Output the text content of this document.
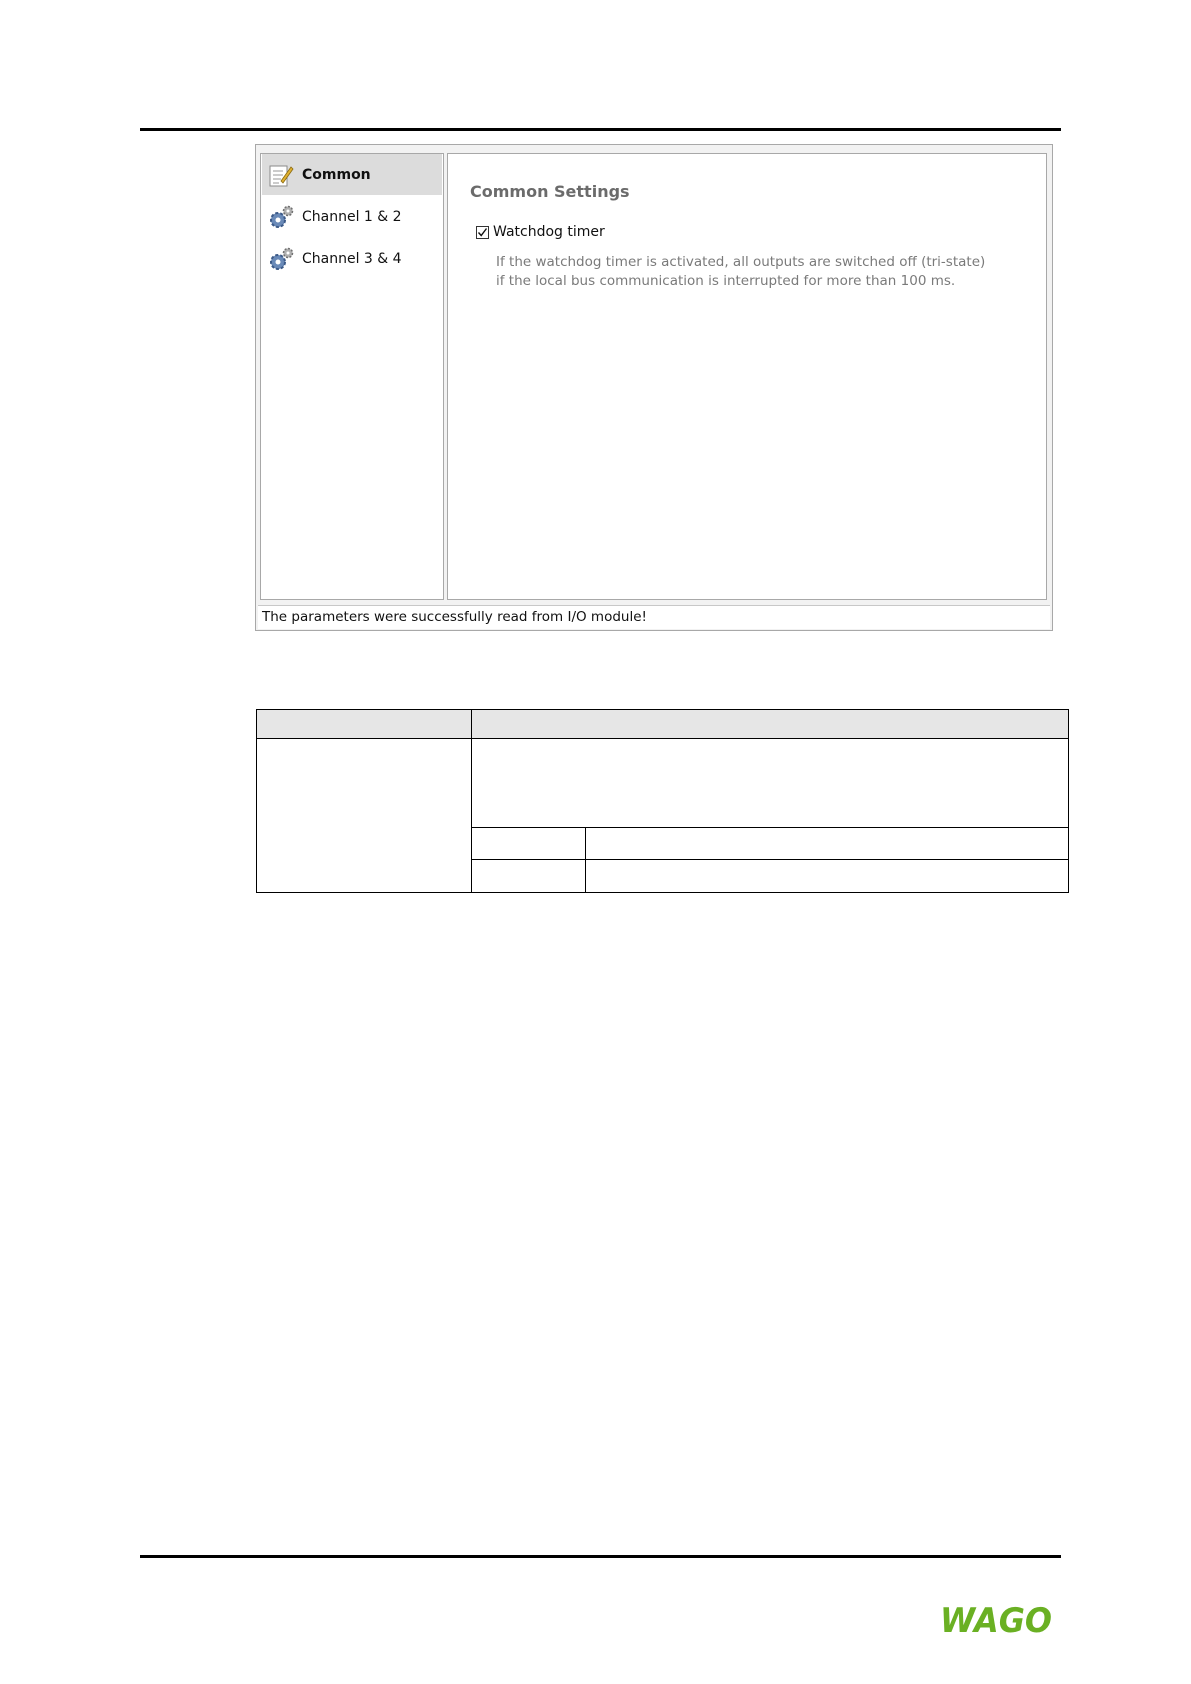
Common
Channel 1 & 2
Channel 3 & 4
Common Settings
Watchdog timer
If the watchdog timer is activated, all outputs are switched off (tri-state)
if the local bus communication is interrupted for more than 100 ms.
The parameters were successfully read from I/O module!
WAGO
